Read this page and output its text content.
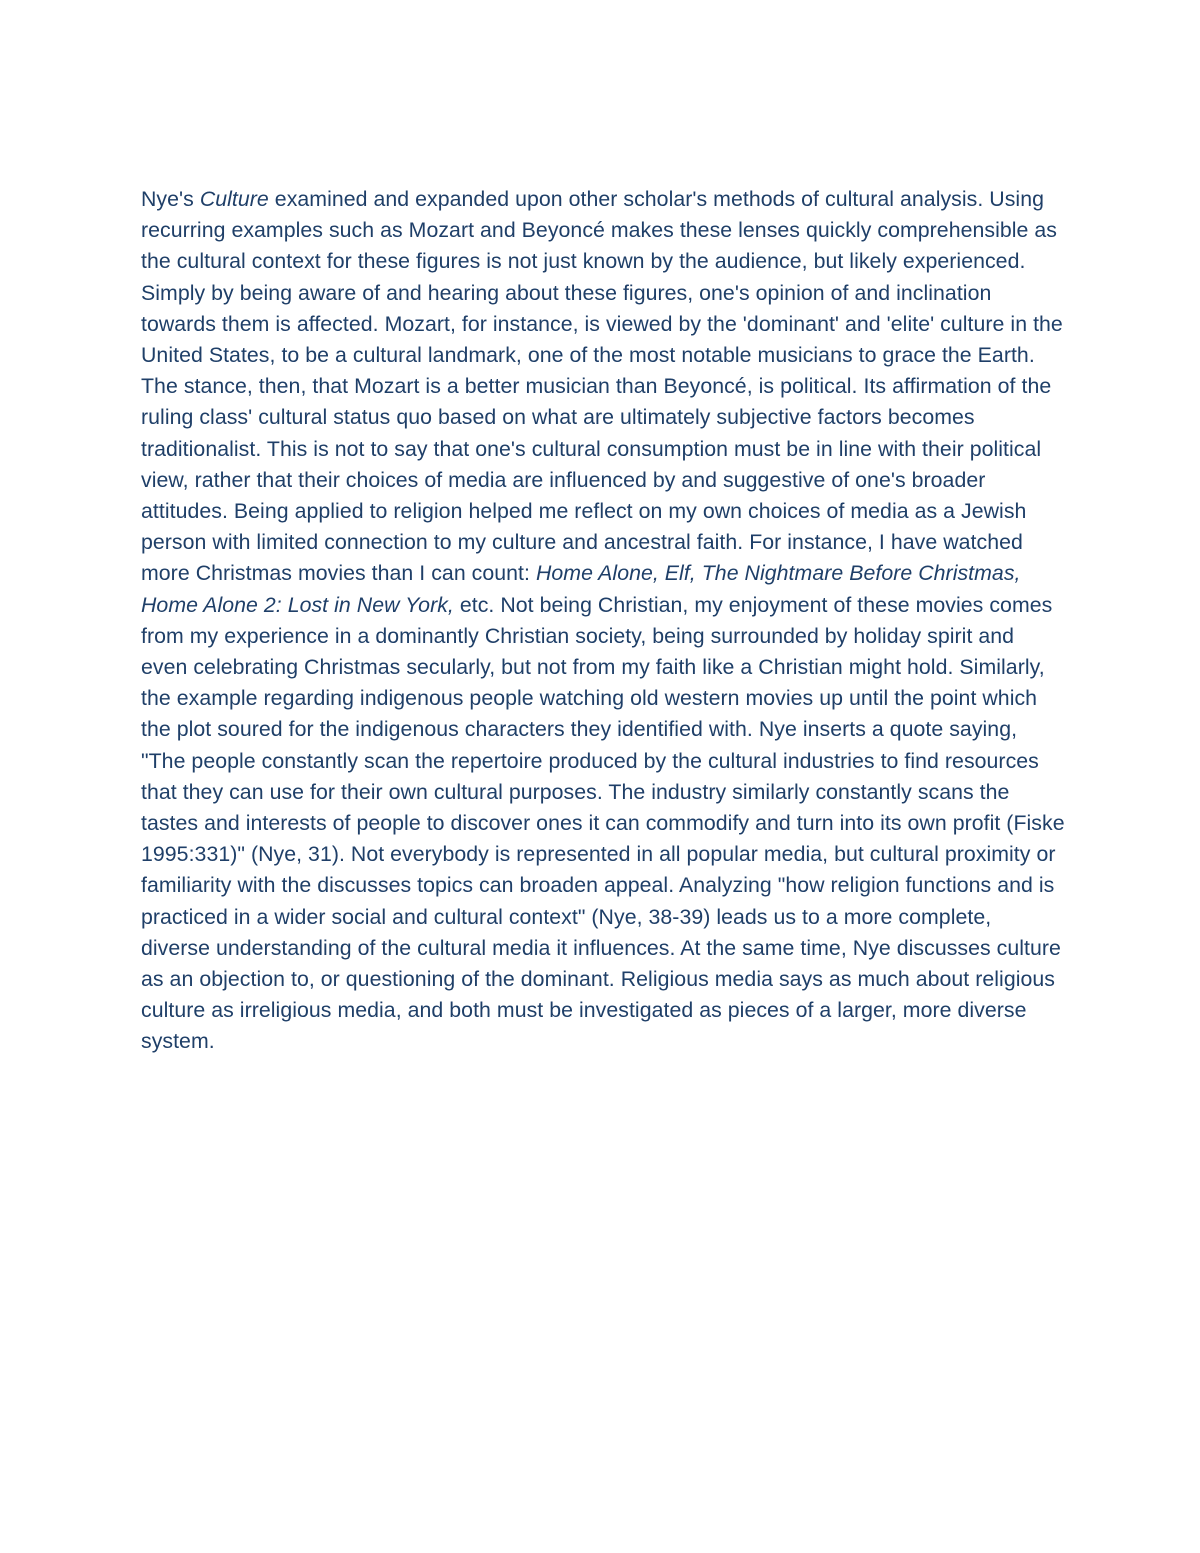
Nye's Culture examined and expanded upon other scholar's methods of cultural analysis. Using recurring examples such as Mozart and Beyoncé makes these lenses quickly comprehensible as the cultural context for these figures is not just known by the audience, but likely experienced. Simply by being aware of and hearing about these figures, one's opinion of and inclination towards them is affected. Mozart, for instance, is viewed by the 'dominant' and 'elite' culture in the United States, to be a cultural landmark, one of the most notable musicians to grace the Earth. The stance, then, that Mozart is a better musician than Beyoncé, is political. Its affirmation of the ruling class' cultural status quo based on what are ultimately subjective factors becomes traditionalist. This is not to say that one's cultural consumption must be in line with their political view, rather that their choices of media are influenced by and suggestive of one's broader attitudes. Being applied to religion helped me reflect on my own choices of media as a Jewish person with limited connection to my culture and ancestral faith. For instance, I have watched more Christmas movies than I can count: Home Alone, Elf, The Nightmare Before Christmas, Home Alone 2: Lost in New York, etc. Not being Christian, my enjoyment of these movies comes from my experience in a dominantly Christian society, being surrounded by holiday spirit and even celebrating Christmas secularly, but not from my faith like a Christian might hold. Similarly, the example regarding indigenous people watching old western movies up until the point which the plot soured for the indigenous characters they identified with. Nye inserts a quote saying, "The people constantly scan the repertoire produced by the cultural industries to find resources that they can use for their own cultural purposes. The industry similarly constantly scans the tastes and interests of people to discover ones it can commodify and turn into its own profit (Fiske 1995:331)" (Nye, 31). Not everybody is represented in all popular media, but cultural proximity or familiarity with the discusses topics can broaden appeal. Analyzing "how religion functions and is practiced in a wider social and cultural context" (Nye, 38-39) leads us to a more complete, diverse understanding of the cultural media it influences. At the same time, Nye discusses culture as an objection to, or questioning of the dominant. Religious media says as much about religious culture as irreligious media, and both must be investigated as pieces of a larger, more diverse system.
